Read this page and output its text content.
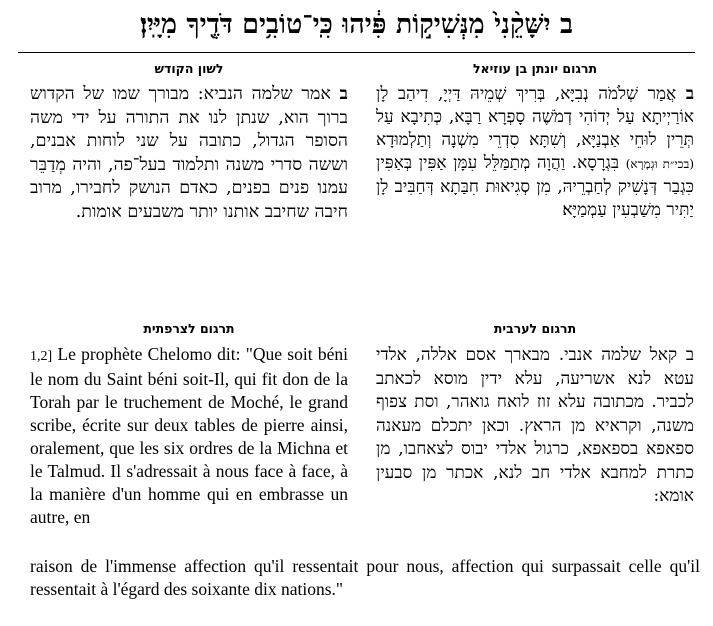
ב יִשָּׁקֵ֨נִי֙ מִנְּשִׁיק֣וֹת פִּ֔יהוּ כִּֽי־טוֹבִ֥ים דֹּדֶ֖יךָ מִיָּֽיִן׃
תרגום יונתן בן עוזיאל
ב אֲמַר שְׁלֹמֹה נְבִיָּא, בְּרִיךְ שְׁמֵיהּ דַּיְיָ, דִיהַב לָן אוֹרַיְיתָא עַל יְדוֹהִי דְמֹשֶׁה סָפְרָא רַבָּא, כְּתִיבָא עַל תְּרֵין לוּחֵי אַבְנַיָּא, וְשִׁתָּא סִדְרֵי מִשְׁנָה וְתַלְמוּדָא (בכי״ת וּגְמָרָא) בִּגְרָסָא. וַהֲוָה מְתַמַּלֵּל עִמָּן אַפִּין בְּאַפִּין כִּגְבַר דְּנָשִׁיק לְחַבְרֵיהּ, מִן סְגִיאוּת חִבַּתָא דְּחַבִּיב לָן יַתִּיר מִשַׁבְעִין עַמְמַיָּא׃
לשון הקודש
ב אמר שלמה הנביא: מבורך שמו של הקדוש ברוך הוא, שנתן לנו את התורה על ידי משה הסופר הגדול, כתובה על שני לוחות אבנים, וששה סדרי משנה ותלמוד בעל־פה, והיה מְדַבֵּר עמנו פנים בפנים, כאדם הנושק לחבירו, מרוב חיבה שחיבב אותנו יותר משבעים אומות.
תרגום לערבית
ב קאל שלמה אנבי. מבארך אסם אללה, אלדי עטא לנא אשריעה, עלא ידין מוסא לכאתב לכביר. מכתובה עלא זוז לואח גואהר, וסת צפוף משנה, וקראיא מן הראץ. וכאן יתכלם מעאנה ספאפא בספאפא, כרגול אלדי יבוס לצאחבו, מן כתרת למחבא אלדי חב לנא, אכתר מן סבעין אומא:
תרגום לצרפתית
1,2] Le prophète Chelomo dit: "Que soit béni le nom du Saint béni soit-Il, qui fit don de la Torah par le truchement de Moché, le grand scribe, écrite sur deux tables de pierre ainsi, oralement, que les six ordres de la Michna et le Talmud. Il s'adressait à nous face à face, à la manière d'un homme qui en embrasse un autre, en
raison de l'immense affection qu'il ressentait pour nous, affection qui surpassait celle qu'il ressentait à l'égard des soixante dix nations."
